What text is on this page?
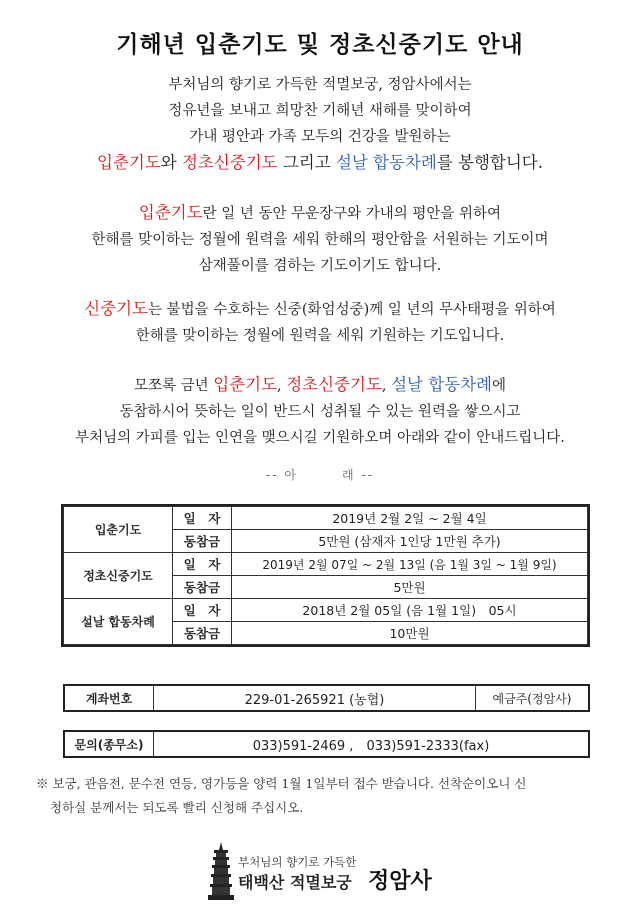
기해년 입춘기도 및 정초신중기도 안내

부처님의 향기로 가득한 적멸보궁, 정암사에서는

정유년을 보내고 희망찬 기해년 새해를 맞이하여

가내 평안과 가족 모두의 건강을 발원하는

입춘기도와 정초신중기도 그리고 설날 합동차례를 봉행합니다.

입춘기도란 일 년 동안 무운장구와 가내의 평안을 위하여

한해를 맞이하는 정월에 원력을 세워 한해의 평안함을 서원하는 기도이며

삼재풀이를 겸하는 기도이기도 합니다.

신중기도는 불법을 수호하는 신중(화엄성중)께 일 년의 무사태평을 위하여

한해를 맞이하는 정월에 원력을 세워 기원하는 기도입니다.

모쪼록 금년 입춘기도, 정초신중기도, 설날 합동차례에

동참하시어 뜻하는 일이 반드시 성취될 수 있는 원력을 쌓으시고

부처님의 가피를 입는 인연을 맺으시길 기원하오며 아래와 같이 안내드립니다.

-- 아	래 --
입춘기도	일　자	2019년 2월 2일 ~ 2월 4일
	동참금	5만원 (삼재자 1인당 1만원 추가)
정초신중기도	일　자	2019년 2월 07일 ~ 2월 13일 (음 1월 3일 ~ 1월 9일)
	동참금	5만원
설날 합동차례	일　자	2018년 2월 05일 (음 1월 1일)　05시
	동참금	10만원
계좌번호	229-01-265921 (농협)	예금주(정암사)
문의(종무소)	033)591-2469 ,　033)591-2333(fax)
※ 보궁, 관음전, 문수전 연등, 영가등을 양력 1월 1일부터 접수 받습니다. 선착순이오니 신
청하실 분께서는 되도록 빨리 신청해 주십시오.
부처님의 향기로 가득한
태백산 적멸보궁 정암사
